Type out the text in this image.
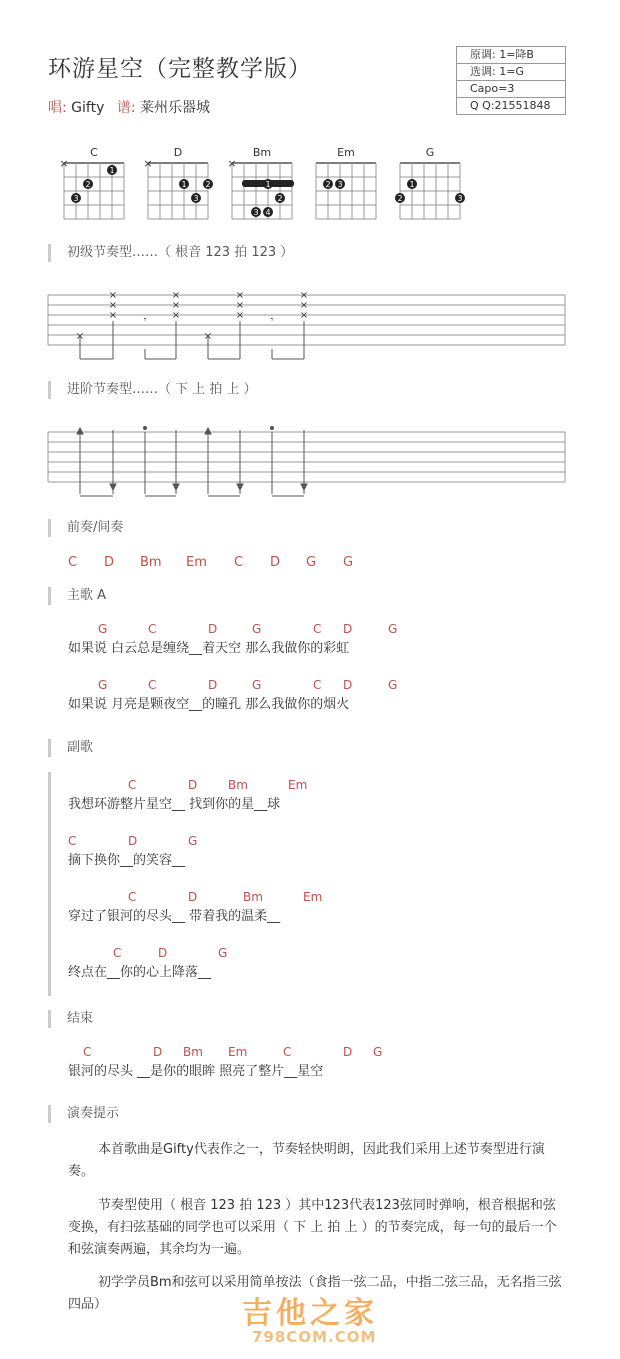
环游星空（完整教学版）
唱: Gifty 谱: 莱州乐器城
原调: 1=降B
选调: 1=G
Capo=3
Q Q:21551848
C	D	Bm	Em	G
×
1
2
3
×
1 2
3
×
1
2
3 4
2 3	1
2	3
初级节奏型……（ 根音 123 拍 123 ）
×
×
×
×	𝄾
×
×
×
×
×
×
×	𝄾
×
×
×
进阶节奏型……（ 下 上 拍 上 ）
前奏/间奏
C D Bm Em C D G G
主歌 A
G	C	D	G	C D	G
如果说 白云总是缠绕__着天空 那么我做你的彩虹
G	C	D	G	C D	G
如果说 月亮是颗夜空__的瞳孔 那么我做你的烟火
副歌
C	D	Bm	Em
我想环游整片星空__ 找到你的星__球
C	D	G
摘下换你__的笑容__
C	D	Bm	Em
穿过了银河的尽头__ 带着我的温柔__
C	D	G
终点在__你的心上降落__
结束
C	D Bm Em	C	D G
银河的尽头 __是你的眼眸 照亮了整片__星空
演奏提示
本首歌曲是Gifty代表作之一，节奏轻快明朗，因此我们采用上述节奏型进行演奏。
节奏型使用（ 根音 123 拍 123 ）其中123代表123弦同时弹响，根音根据和弦变换，有扫弦基础的同学也可以采用（ 下 上 拍 上 ）的节奏完成，每一句的最后一个和弦演奏两遍，其余均为一遍。
初学学员Bm和弦可以采用简单按法（食指一弦二品，中指二弦三品，无名指三弦四品）	吉他之家
798COM.COM
